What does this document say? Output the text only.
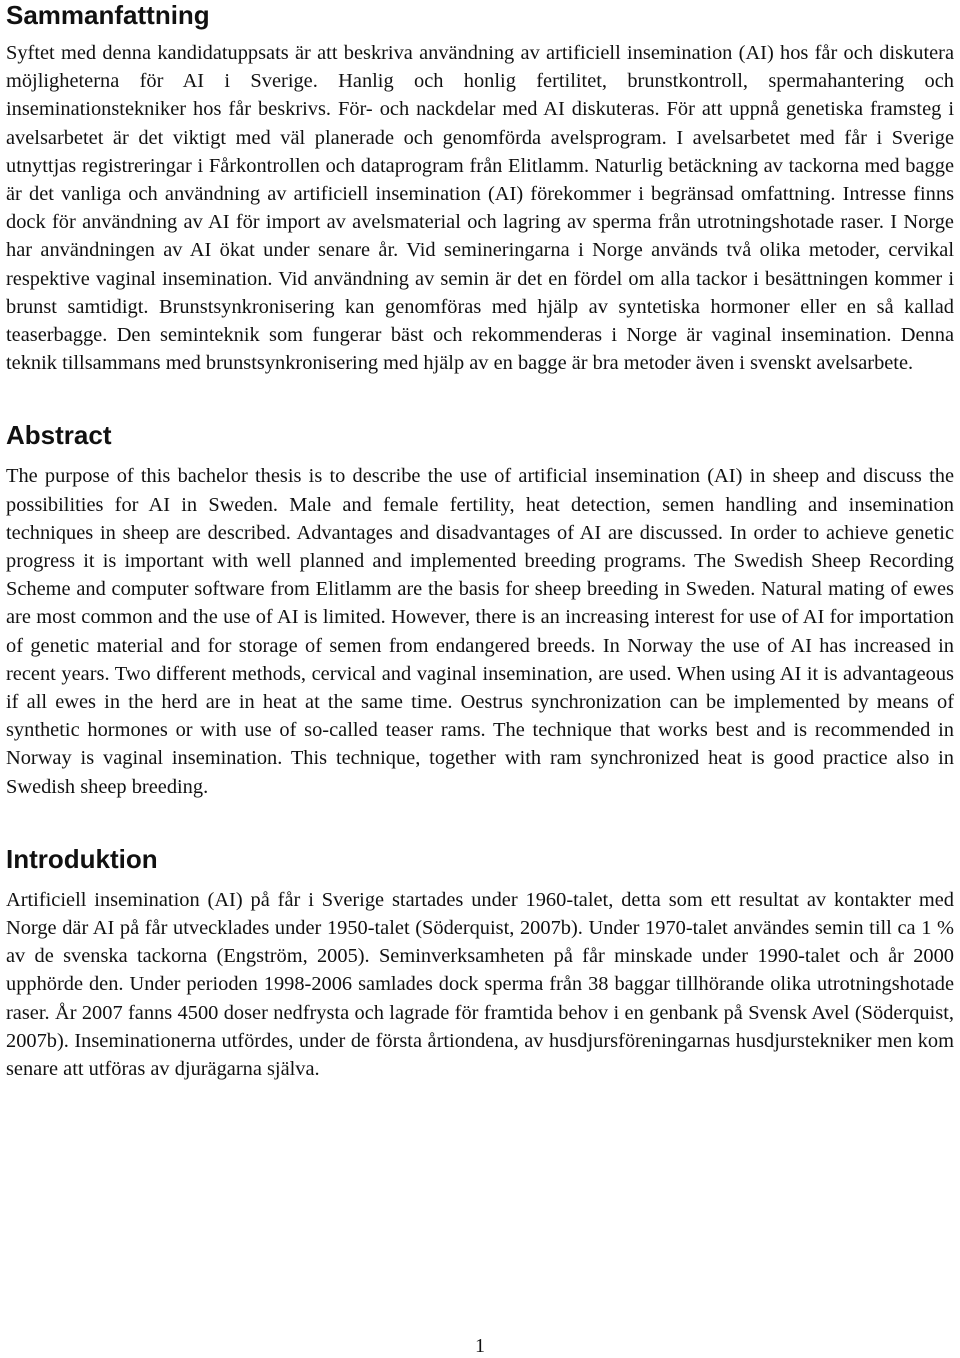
Sammanfattning

Syftet med denna kandidatuppsats är att beskriva användning av artificiell insemination (AI) hos får och diskutera möjligheterna för AI i Sverige. Hanlig och honlig fertilitet, brunstkontroll, spermahantering och inseminationstekniker hos får beskrivs. För- och nackdelar med AI diskuteras. För att uppnå genetiska framsteg i avelsarbetet är det viktigt med väl planerade och genomförda avelsprogram. I avelsarbetet med får i Sverige utnyttjas registreringar i Fårkontrollen och dataprogram från Elitlamm. Naturlig betäckning av tackorna med bagge är det vanliga och användning av artificiell insemination (AI) förekommer i begränsad omfattning. Intresse finns dock för användning av AI för import av avelsmaterial och lagring av sperma från utrotningshotade raser. I Norge har användningen av AI ökat under senare år. Vid semineringarna i Norge används två olika metoder, cervikal respektive vaginal insemination. Vid användning av semin är det en fördel om alla tackor i besättningen kommer i brunst samtidigt. Brunstsynkronisering kan genomföras med hjälp av syntetiska hormoner eller en så kallad teaserbagge. Den seminteknik som fungerar bäst och rekommenderas i Norge är vaginal insemination. Denna teknik tillsammans med brunstsynkronisering med hjälp av en bagge är bra metoder även i svenskt avelsarbete.

Abstract

The purpose of this bachelor thesis is to describe the use of artificial insemination (AI) in sheep and discuss the possibilities for AI in Sweden. Male and female fertility, heat detection, semen handling and insemination techniques in sheep are described. Advantages and disadvantages of AI are discussed. In order to achieve genetic progress it is important with well planned and implemented breeding programs. The Swedish Sheep Recording Scheme and computer software from Elitlamm are the basis for sheep breeding in Sweden. Natural mating of ewes are most common and the use of AI is limited. However, there is an increasing interest for use of AI for importation of genetic material and for storage of semen from endangered breeds. In Norway the use of AI has increased in recent years. Two different methods, cervical and vaginal insemination, are used. When using AI it is advantageous if all ewes in the herd are in heat at the same time. Oestrus synchronization can be implemented by means of synthetic hormones or with use of so-called teaser rams. The technique that works best and is recommended in Norway is vaginal insemination. This technique, together with ram synchronized heat is good practice also in Swedish sheep breeding.

Introduktion

Artificiell insemination (AI) på får i Sverige startades under 1960-talet, detta som ett resultat av kontakter med Norge där AI på får utvecklades under 1950-talet (Söderquist, 2007b). Under 1970-talet användes semin till ca 1 % av de svenska tackorna (Engström, 2005). Seminverksamheten på får minskade under 1990-talet och år 2000 upphörde den. Under perioden 1998-2006 samlades dock sperma från 38 baggar tillhörande olika utrotningshotade raser. År 2007 fanns 4500 doser nedfrysta och lagrade för framtida behov i en genbank på Svensk Avel (Söderquist, 2007b). Inseminationerna utfördes, under de första årtiondena, av husdjursföreningarnas husdjurstekniker men kom senare att utföras av djurägarna själva.

1
